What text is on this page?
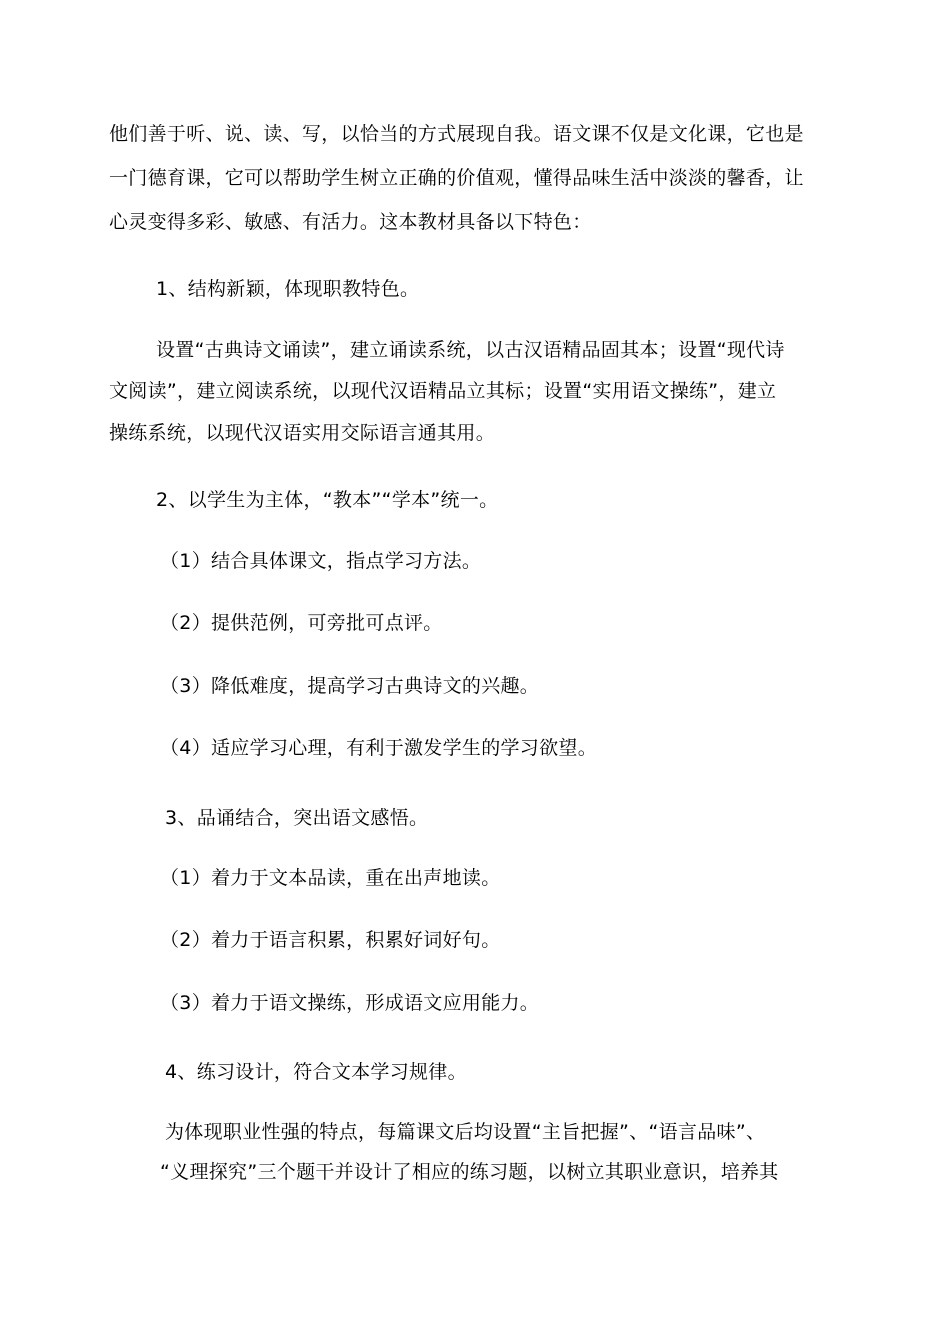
他们善于听、说、读、写，以恰当的方式展现自我。语文课不仅是文化课，它也是
一门德育课，它可以帮助学生树立正确的价值观，懂得品味生活中淡淡的馨香，让
心灵变得多彩、敏感、有活力。这本教材具备以下特色：
1、结构新颖，体现职教特色。
设置“古典诗文诵读”，建立诵读系统，以古汉语精品固其本；设置“现代诗
文阅读”，建立阅读系统，以现代汉语精品立其标；设置“实用语文操练”，建立
操练系统，以现代汉语实用交际语言通其用。
2、以学生为主体，“教本”“学本”统一。
（1）结合具体课文，指点学习方法。
（2）提供范例，可旁批可点评。
（3）降低难度，提高学习古典诗文的兴趣。
（4）适应学习心理，有利于激发学生的学习欲望。
3、品诵结合，突出语文感悟。
（1）着力于文本品读，重在出声地读。
（2）着力于语言积累，积累好词好句。
（3）着力于语文操练，形成语文应用能力。
4、练习设计，符合文本学习规律。
为体现职业性强的特点，每篇课文后均设置“主旨把握”、“语言品味”、
“义理探究”三个题干并设计了相应的练习题，以树立其职业意识，培养其
